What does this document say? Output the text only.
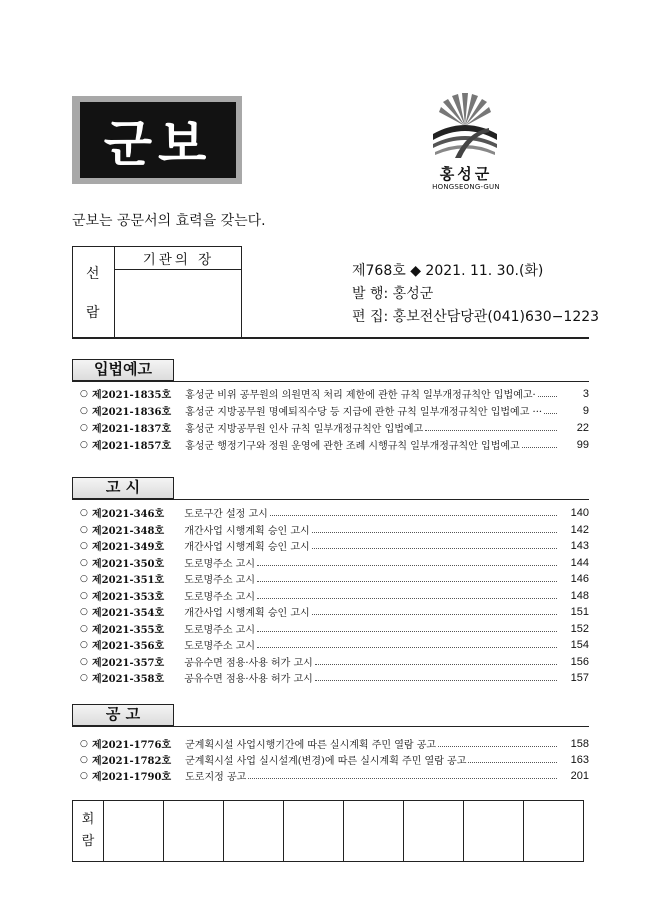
군보
홍성군
HONGSEONG-GUN
군보는 공문서의 효력을 갖는다.
선
람
기관의 장
제768호 ◆ 2021. 11. 30.(화)
발 행: 홍성군
편 집: 홍보전산담당관(041)630−1223
입법예고
○ 제2021-1835호 홍성군 비위 공무원의 의원면직 처리 제한에 관한 규칙 일부개정규칙안 입법예고·	3
○ 제2021-1836호 홍성군 지방공무원 명예퇴직수당 등 지급에 관한 규칙 일부개정규칙안 입법예고 ···	9
○ 제2021-1837호 홍성군 지방공무원 인사 규칙 일부개정규칙안 입법예고	22
○ 제2021-1857호 홍성군 행정기구와 정원 운영에 관한 조례 시행규칙 일부개정규칙안 입법예고	99
고 시
○ 제2021-346호 도로구간 설정 고시	140
○ 제2021-348호 개간사업 시행계획 승인 고시	142
○ 제2021-349호 개간사업 시행계획 승인 고시	143
○ 제2021-350호 도로명주소 고시	144
○ 제2021-351호 도로명주소 고시	146
○ 제2021-353호 도로명주소 고시	148
○ 제2021-354호 개간사업 시행계획 승인 고시	151
○ 제2021-355호 도로명주소 고시	152
○ 제2021-356호 도로명주소 고시	154
○ 제2021-357호 공유수면 점용·사용 허가 고시	156
○ 제2021-358호 공유수면 점용·사용 허가 고시	157
공 고
○ 제2021-1776호 군계획시설 사업시행기간에 따른 실시계획 주민 열람 공고	158
○ 제2021-1782호 군계획시설 사업 실시설계(변경)에 따른 실시계획 주민 열람 공고	163
○ 제2021-1790호 도로지정 공고	201
회
람
